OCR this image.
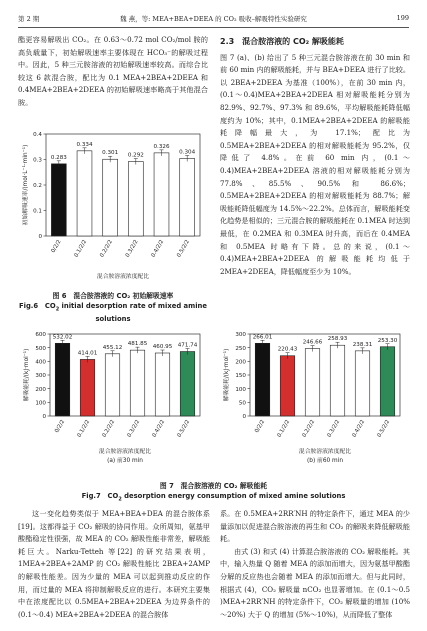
第 2 期	魏 燕，等: MEA+BEA+DEEA 的 CO₂ 吸收–解吸特性实验研究	199

酯更容易解吸出 CO₂。在 0.63～0.72 mol CO₂/mol 胺的高负载量下，初始解吸速率主要体现在 HCO₃⁻的解吸过程中。因此，5 种三元胺溶液的初始解吸速率较高。而综合比较这 6 款混合胺，配比为 0.1 MEA+2BEA+2DEEA 和 0.4MEA+2BEA+2DEEA 的初始解吸速率略高于其他混合胺。

0
0.1
0.2
0.3
0.4
初始解吸速率/(mol·L⁻¹·min⁻¹)	0.283
0/2/2
0.334
0.1/2/2
0.301
0.2/2/2
0.292
0.3/2/2
0.326
0.4/2/2
0.304
0.5/2/2
混合胺溶液浓度配比
图 6　混合胺溶液的 CO₂ 初始解吸速率
Fig.6　$CO_2$ initial desorption rate of mixed amine solutions
2.3　混合胺溶液的 CO₂ 解吸能耗

图 7 (a)、(b) 给出了 5 种三元混合胺溶液在前 30 min 和前 60 min 内的解吸能耗，并与 BEA+DEEA 进行了比较。以 2BEA+2DEEA 为基准（100%），在前 30 min 内，(0.1～0.4)MEA+2BEA+2DEEA 相对解吸能耗分别为 82.9%、92.7%、97.3% 和 89.6%，平均解吸能耗降低幅度约为 10%；其中，0.1MEA+2BEA+2DEEA 的解吸能耗降幅最大，为 17.1%；配比为 0.5MEA+2BEA+2DEEA 的相对解吸能耗为 95.2%，仅降低了 4.8%。在前 60 min 内，(0.1～0.4)MEA+2BEA+2DEEA 溶液的相对解吸能耗分别为 77.8%、85.5%、90.5% 和 86.6%；0.5MEA+2BEA+2DEEA 的相对解吸能耗为 88.7%；解吸能耗降低幅度为 14.5%～22.2%。总体而言，解吸能耗变化趋势是相似的；三元混合胺的解吸能耗在 0.1MEA 时达到最低，在 0.2MEA 和 0.3MEA 时升高，而后在 0.4MEA 和 0.5MEA 时略有下降。总的来说，(0.1～0.4)MEA+2BEA+2DEEA 的解吸能耗均低于 2MEA+2DEEA，降低幅度至少为 10%。

0
100
200
300
400
500
600
解吸能耗/(kJ·mol⁻¹)
532.02
0/2/2
414.01
0.1/2/2
455.12
0.2/2/2
481.85
0.3/2/2
460.95
0.4/2/2
471.74
0.5/2/2
混合胺溶液浓度配比
(a) 前30 min
0
50
100
150
200
250
300
解吸能耗/(kJ·mol⁻¹)
266.01
0/2/2
220.43
0.1/2/2
246.66
0.2/2/2
258.93
0.3/2/2
238.31
0.4/2/2
253.30
0.5/2/2
混合胺溶液浓度配比
(b) 前60 min
图 7　混合胺溶液的 CO₂ 解吸能耗
Fig.7　$CO_2$ desorption energy consumption of mixed amine solutions

这一变化趋势类似于 MEA+BEA+DEA 的混合胺体系[19]。这都得益于 CO₂ 解吸的协同作用。众所周知，氨基甲酸酯稳定性很强，故 MEA 的 CO₂ 解吸性能非常差，解吸能耗巨大。Narku-Tetteh 等[22] 的研究结果表明，1MEA+2BEA+2AMP 的 CO₂ 解吸性能比 2BEA+2AMP 的解吸性能差。因为少量的 MEA 可以起到推动反应的作用，而过量的 MEA 将抑制解吸反应的进行。本研究主要集中在浓度配比以 0.5MEA+2BEA+2DEEA 为边界条件的 (0.1～0.4) MEA+2BEA+2DEEA 的混合胺体

系。在 0.5MEA+2RR′NH 的特定条件下，通过 MEA 的少量添加以促进混合胺溶液的再生和 CO₂ 的解吸来降低解吸能耗。

由式 (3) 和式 (4) 计算混合胺溶液的 CO₂ 解吸能耗。其中，输入热量 Q 随着 MEA 的添加而增大，因为氨基甲酸酯分解的反应热也会随着 MEA 的添加而增大。但与此同时，根据式 (4)，CO₂ 解吸量 nCO₂ 也显著增加。在 (0.1～0.5 )MEA+2RR′NH 的特定条件下，CO₂ 解吸量的增加 (10%～20%) 大于 Q 的增加 (5%～10%)，从而降低了整体
